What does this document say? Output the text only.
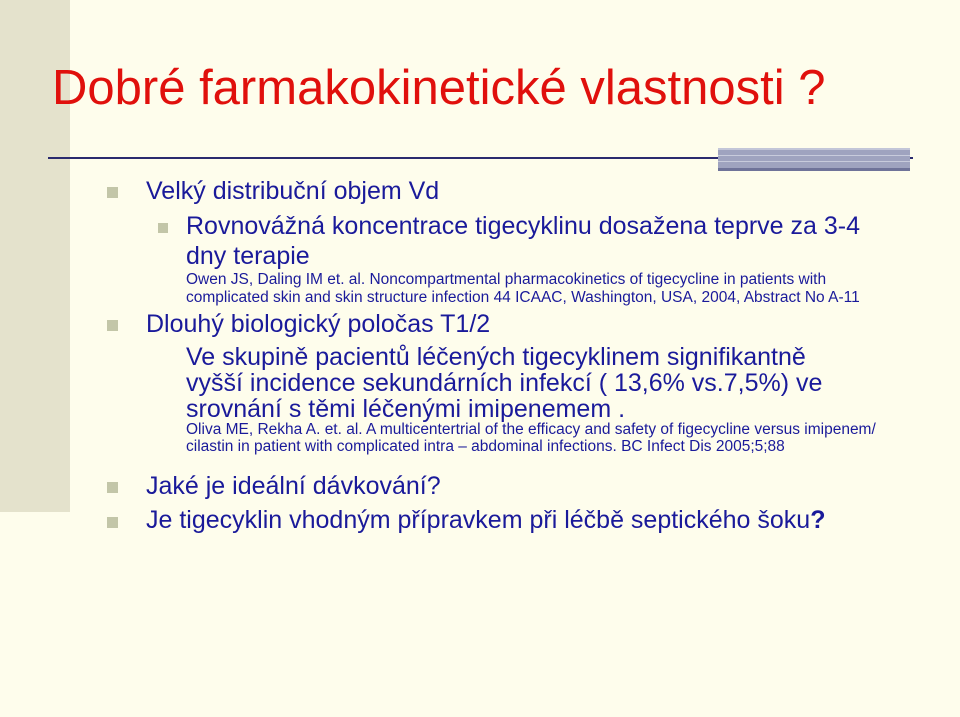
Dobré farmakokinetické vlastnosti ?
Velký distribuční objem Vd
Rovnovážná koncentrace tigecyklinu dosažena teprve za 3-4
dny terapie
Owen JS, Daling IM et. al. Noncompartmental pharmacokinetics of tigecycline in patients with
complicated skin and skin structure infection 44 ICAAC, Washington, USA, 2004, Abstract No A-11
Dlouhý biologický poločas T1/2
Ve skupině pacientů léčených tigecyklinem signifikantně
vyšší incidence sekundárních infekcí ( 13,6% vs.7,5%) ve
srovnání s těmi léčenými imipenemem .
Oliva ME, Rekha A. et. al. A multicentertrial of the efficacy and safety of figecycline versus imipenem/
cilastin in patient with complicated intra – abdominal infections. BC Infect Dis 2005;5;88
Jaké je ideální dávkování?
Je tigecyklin vhodným přípravkem při léčbě septického šoku?
